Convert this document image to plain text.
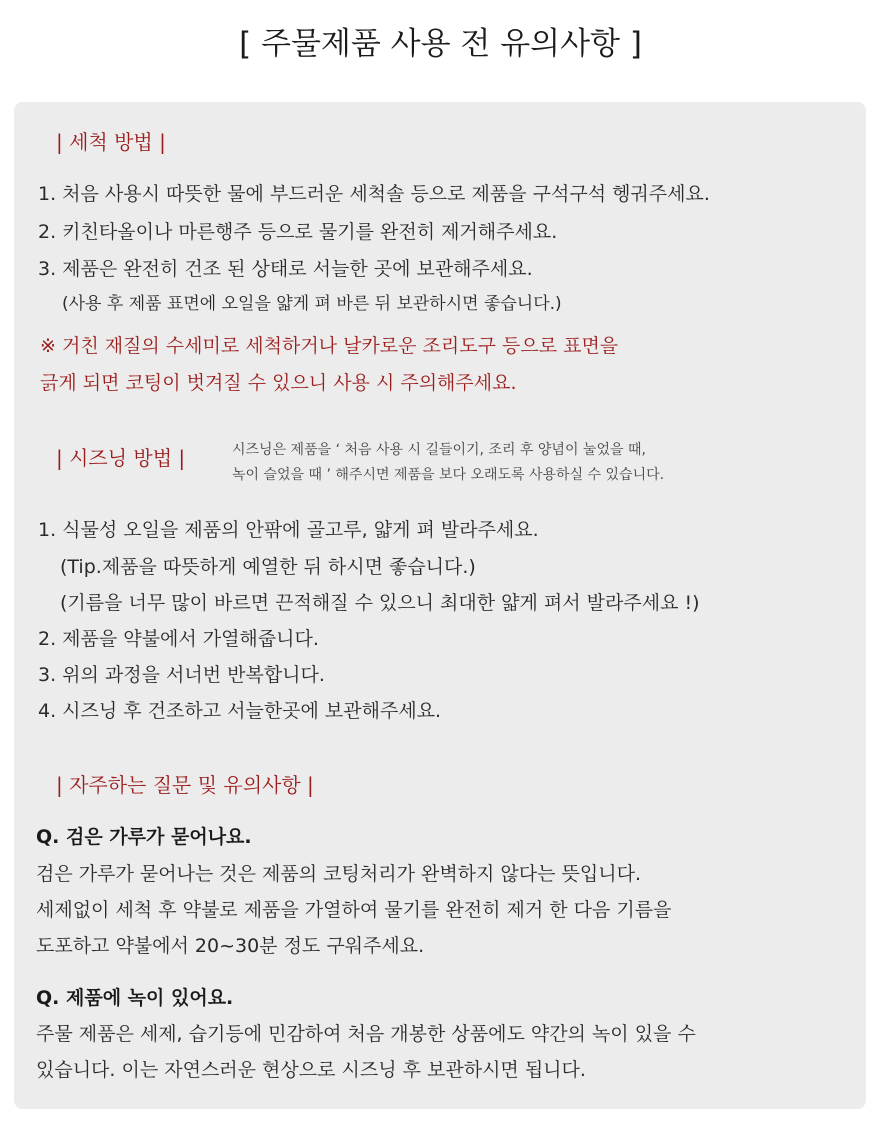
[ 주물제품 사용 전 유의사항 ]
| 세척 방법 |
1. 처음 사용시 따뜻한 물에 부드러운 세척솔 등으로 제품을 구석구석 헹궈주세요.
2. 키친타올이나 마른행주 등으로 물기를 완전히 제거해주세요.
3. 제품은 완전히 건조 된 상태로 서늘한 곳에 보관해주세요.
(사용 후 제품 표면에 오일을 얇게 펴 바른 뒤 보관하시면 좋습니다.)
※ 거친 재질의 수세미로 세척하거나 날카로운 조리도구 등으로 표면을
긁게 되면 코팅이 벗겨질 수 있으니 사용 시 주의해주세요.
| 시즈닝 방법 |	시즈닝은 제품을 ‘ 처음 사용 시 길들이기, 조리 후 양념이 눌었을 때,
녹이 슬었을 때 ’ 해주시면 제품을 보다 오래도록 사용하실 수 있습니다.
1. 식물성 오일을 제품의 안팎에 골고루, 얇게 펴 발라주세요.
(Tip.제품을 따뜻하게 예열한 뒤 하시면 좋습니다.)
(기름을 너무 많이 바르면 끈적해질 수 있으니 최대한 얇게 펴서 발라주세요 !)
2. 제품을 약불에서 가열해줍니다.
3. 위의 과정을 서너번 반복합니다.
4. 시즈닝 후 건조하고 서늘한곳에 보관해주세요.
| 자주하는 질문 및 유의사항 |
Q. 검은 가루가 묻어나요.
검은 가루가 묻어나는 것은 제품의 코팅처리가 완벽하지 않다는 뜻입니다.
세제없이 세척 후 약불로 제품을 가열하여 물기를 완전히 제거 한 다음 기름을
도포하고 약불에서 20~30분 정도 구워주세요.
Q. 제품에 녹이 있어요.
주물 제품은 세제, 습기등에 민감하여 처음 개봉한 상품에도 약간의 녹이 있을 수
있습니다. 이는 자연스러운 현상으로 시즈닝 후 보관하시면 됩니다.
